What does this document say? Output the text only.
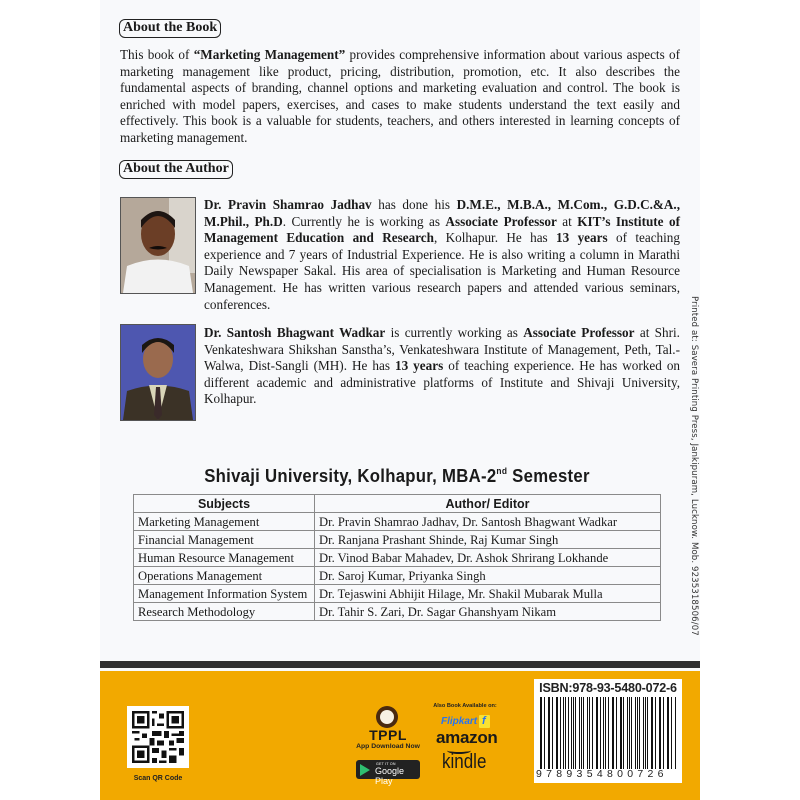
About the Book
This book of “Marketing Management” provides comprehensive information about various aspects of marketing management like product, pricing, distribution, promotion, etc. It also describes the fundamental aspects of branding, channel options and marketing evaluation and control. The book is enriched with model papers, exercises, and cases to make students understand the text easily and effectively. This book is a valuable for students, teachers, and others interested in learning concepts of marketing management.
About the Author
Dr. Pravin Shamrao Jadhav has done his D.M.E., M.B.A., M.Com., G.D.C.&A., M.Phil., Ph.D. Currently he is working as Associate Professor at KIT’s Institute of Management Education and Research, Kolhapur. He has 13 years of teaching experience and 7 years of Industrial Experience. He is also writing a column in Marathi Daily Newspaper Sakal. His area of specialisation is Marketing and Human Resource Management. He has written various research papers and attended various seminars, conferences.
Dr. Santosh Bhagwant Wadkar is currently working as Associate Professor at Shri. Venkateshwara Shikshan Sanstha’s, Venkateshwara Institute of Management, Peth, Tal.-Walwa, Dist-Sangli (MH). He has 13 years of teaching experience. He has worked on different academic and administrative platforms of Institute and Shivaji University, Kolhapur.	Printed at: Savera Printing Press, Jankipuram, Lucknow. Mob. 9235318506/07
Shivaji University, Kolhapur, MBA-2nd Semester
Subjects	Author/ Editor
Marketing Management	Dr. Pravin Shamrao Jadhav, Dr. Santosh Bhagwant Wadkar
Financial Management	Dr. Ranjana Prashant Shinde, Raj Kumar Singh
Human Resource Management	Dr. Vinod Babar Mahadev, Dr. Ashok Shrirang Lokhande
Operations Management	Dr. Saroj Kumar, Priyanka Singh
Management Information System	Dr. Tejaswini Abhijit Hilage, Mr. Shakil Mubarak Mulla
Research Methodology	Dr. Tahir S. Zari, Dr. Sagar Ghanshyam Nikam
Scan QR Code
TPPL
App Download Now
GET IT ON
Google Play
Also Book Available on:
Flipkart
f
amazon
kindle
ISBN:978-93-5480-072-6
9789354800726
